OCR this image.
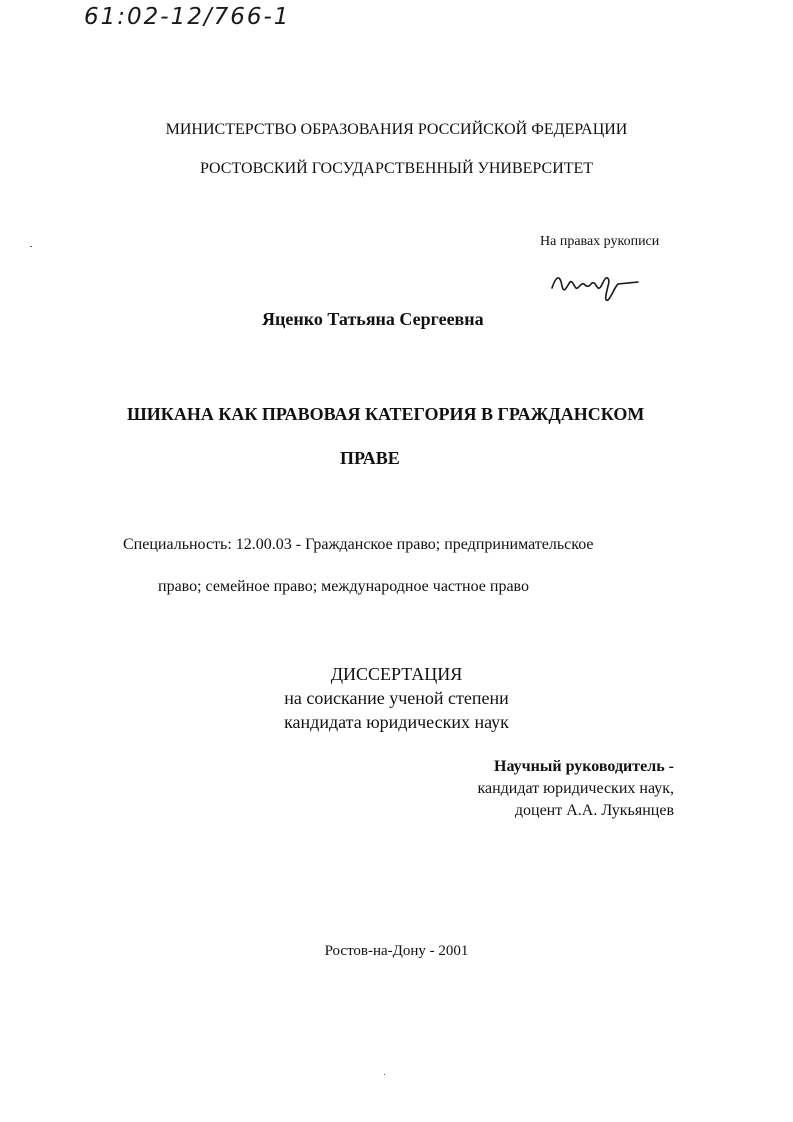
61:02-12/766-1
МИНИСТЕРСТВО ОБРАЗОВАНИЯ РОССИЙСКОЙ ФЕДЕРАЦИИ
РОСТОВСКИЙ ГОСУДАРСТВЕННЫЙ УНИВЕРСИТЕТ
На правах рукописи
Яценко Татьяна Сергеевна
ШИКАНА КАК ПРАВОВАЯ КАТЕГОРИЯ В ГРАЖДАНСКОМ
ПРАВЕ
Специальность: 12.00.03 - Гражданское право; предпринимательское
право; семейное право; международное частное право
ДИССЕРТАЦИЯ
на соискание ученой степени
кандидата юридических наук
Научный руководитель -
кандидат юридических наук,
доцент А.А. Лукьянцев
Ростов-на-Дону - 2001
